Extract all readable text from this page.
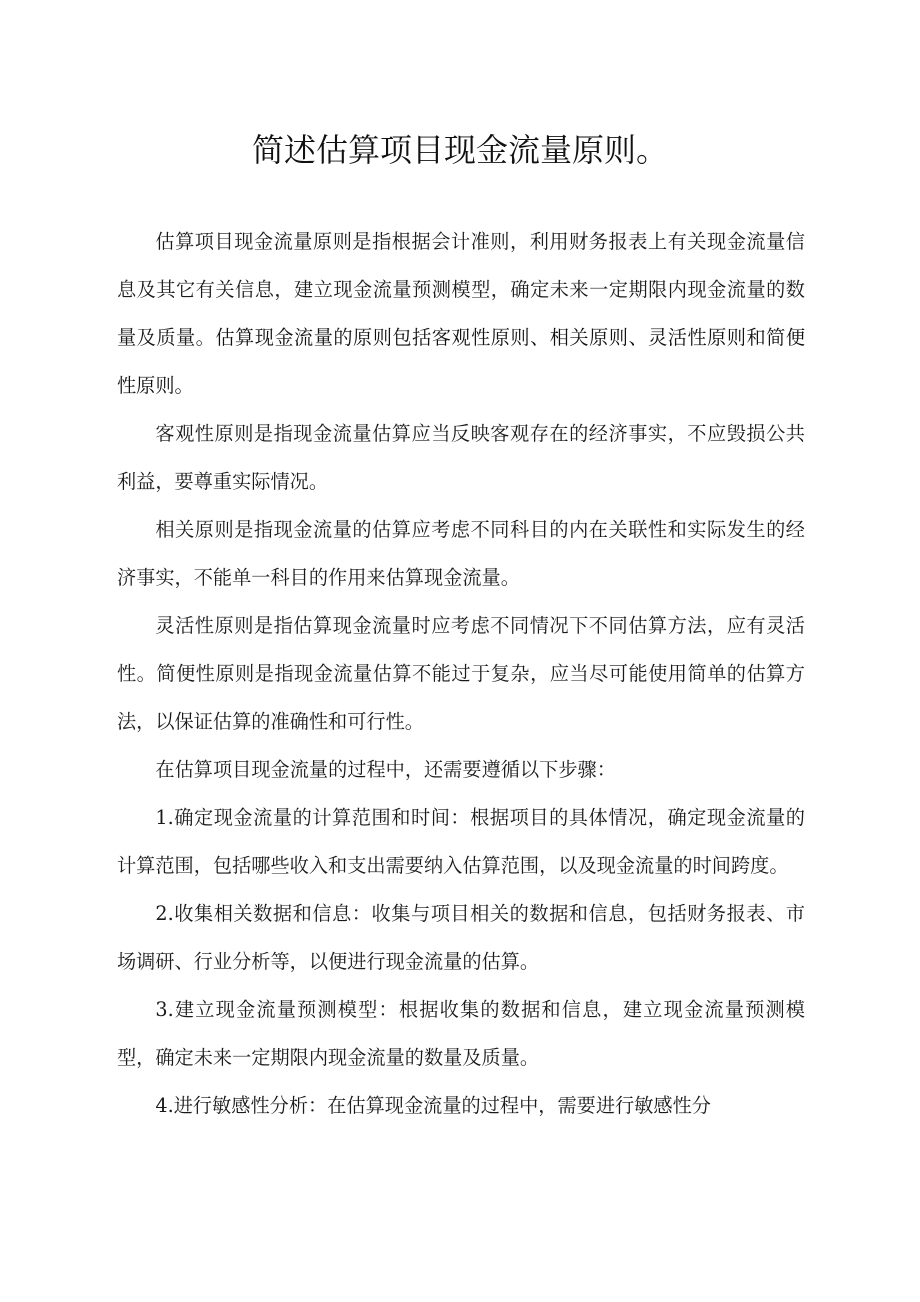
简述估算项目现金流量原则。

估算项目现金流量原则是指根据会计准则，利用财务报表上有关现金流量信息及其它有关信息，建立现金流量预测模型，确定未来一定期限内现金流量的数量及质量。估算现金流量的原则包括客观性原则、相关原则、灵活性原则和简便性原则。

客观性原则是指现金流量估算应当反映客观存在的经济事实，不应毁损公共利益，要尊重实际情况。

相关原则是指现金流量的估算应考虑不同科目的内在关联性和实际发生的经济事实，不能单一科目的作用来估算现金流量。

灵活性原则是指估算现金流量时应考虑不同情况下不同估算方法，应有灵活性。简便性原则是指现金流量估算不能过于复杂，应当尽可能使用简单的估算方法，以保证估算的准确性和可行性。

在估算项目现金流量的过程中，还需要遵循以下步骤：

1.确定现金流量的计算范围和时间：根据项目的具体情况，确定现金流量的计算范围，包括哪些收入和支出需要纳入估算范围，以及现金流量的时间跨度。

2.收集相关数据和信息：收集与项目相关的数据和信息，包括财务报表、市场调研、行业分析等，以便进行现金流量的估算。

3.建立现金流量预测模型：根据收集的数据和信息，建立现金流量预测模型，确定未来一定期限内现金流量的数量及质量。

4.进行敏感性分析：在估算现金流量的过程中，需要进行敏感性分
